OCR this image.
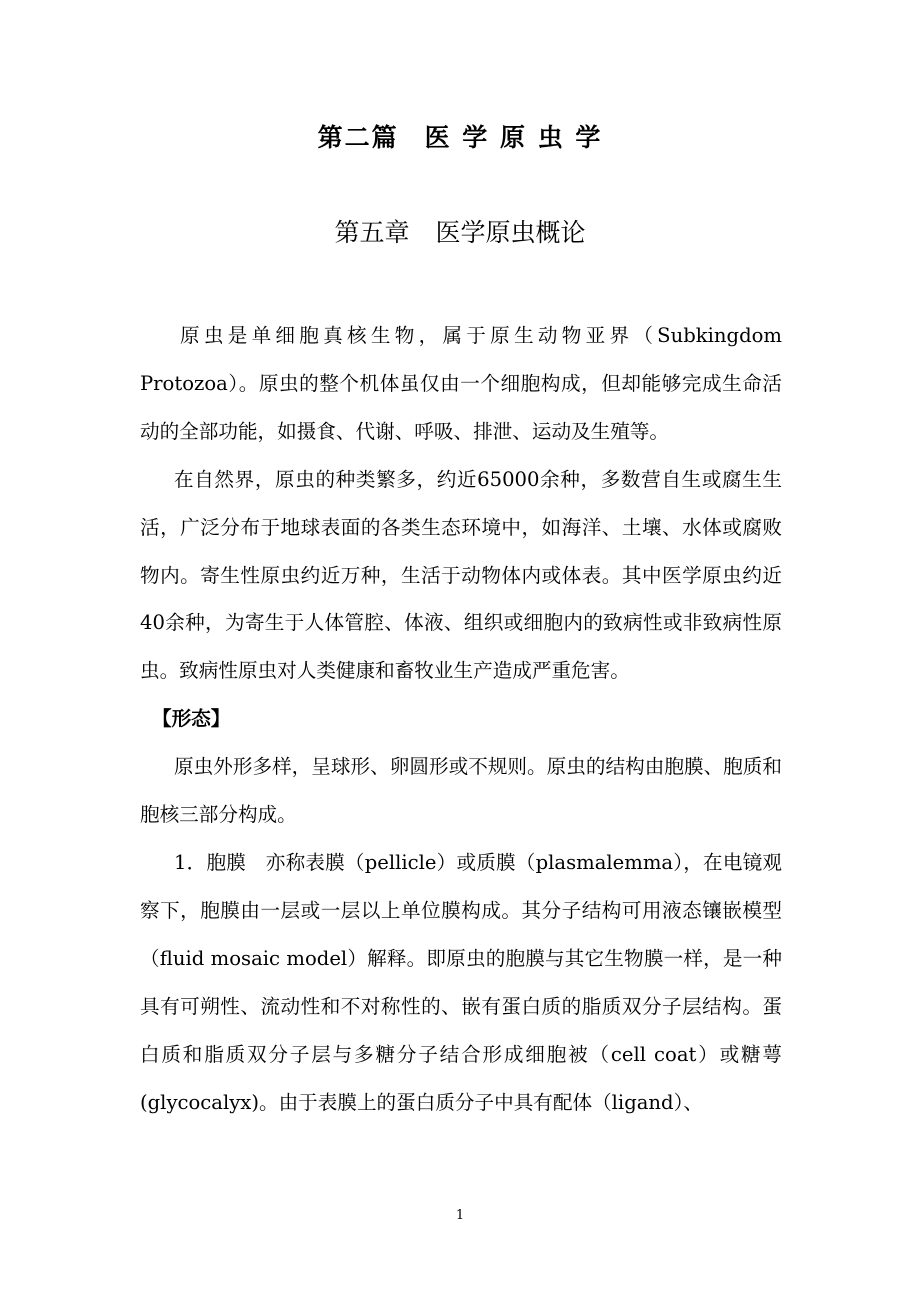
第二篇 医 学 原 虫 学
第五章 医学原虫概论

原虫是单细胞真核生物，属于原生动物亚界（Subkingdom Protozoa）。原虫的整个机体虽仅由一个细胞构成，但却能够完成生命活动的全部功能，如摄食、代谢、呼吸、排泄、运动及生殖等。

在自然界，原虫的种类繁多，约近65000余种，多数营自生或腐生生活，广泛分布于地球表面的各类生态环境中，如海洋、土壤、水体或腐败物内。寄生性原虫约近万种，生活于动物体内或体表。其中医学原虫约近40余种，为寄生于人体管腔、体液、组织或细胞内的致病性或非致病性原虫。致病性原虫对人类健康和畜牧业生产造成严重危害。

【形态】

原虫外形多样，呈球形、卵圆形或不规则。原虫的结构由胞膜、胞质和胞核三部分构成。

1．胞膜　亦称表膜（pellicle）或质膜（plasmalemma），在电镜观察下，胞膜由一层或一层以上单位膜构成。其分子结构可用液态镶嵌模型（fluid mosaic model）解释。即原虫的胞膜与其它生物膜一样，是一种具有可朔性、流动性和不对称性的、嵌有蛋白质的脂质双分子层结构。蛋白质和脂质双分子层与多糖分子结合形成细胞被（cell coat）或糖萼(glycocalyx)。由于表膜上的蛋白质分子中具有配体（ligand）、

1
